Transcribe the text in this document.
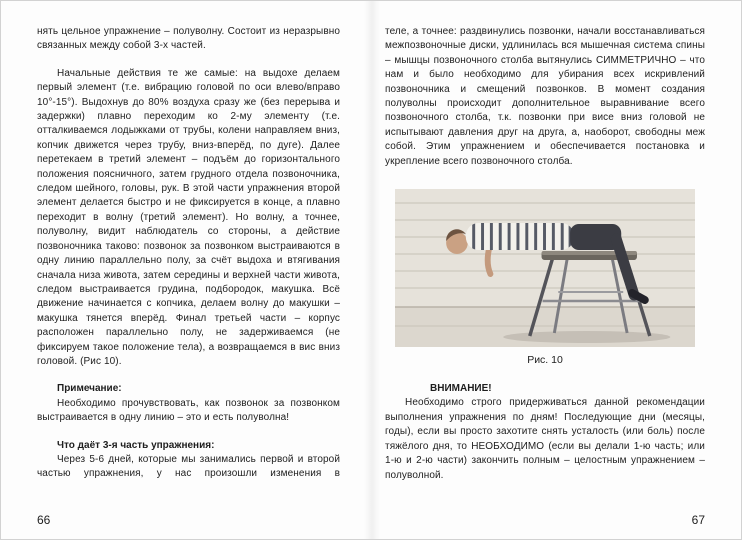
нять цельное упражнение – полуволну. Состоит из неразрывно связанных между собой 3-х частей.

Начальные действия те же самые: на выдохе делаем первый элемент (т.е. вибрацию головой по оси влево/вправо 10°-15°). Выдохнув до 80% воздуха сразу же (без перерыва и задержки) плавно переходим ко 2-му элементу (т.е. отталкиваемся лодыжками от трубы, колени направляем вниз, копчик движется через трубу, вниз-вперёд, по дуге). Далее перетекаем в третий элемент – подъём до горизонтального положения поясничного, затем грудного отдела позвоночника, следом шейного, головы, рук. В этой части упражнения второй элемент делается быстро и не фиксируется в конце, а плавно переходит в волну (третий элемент). Но волну, а точнее, полуволну, видит наблюдатель со стороны, а действие позвоночника таково: позвонок за позвонком выстраиваются в одну линию параллельно полу, за счёт выдоха и втягивания сначала низа живота, затем середины и верхней части живота, следом выстраивается грудина, подбородок, макушка. Всё движение начинается с копчика, делаем волну до макушки – макушка тянется вперёд. Финал третьей части – корпус расположен параллельно полу, не задерживаемся (не фиксируем такое положение тела), а возвращаемся в вис вниз головой. (Рис 10).

Примечание:

Необходимо прочувствовать, как позвонок за позвонком выстраивается в одну линию – это и есть полуволна!

Что даёт 3-я часть упражнения:

Через 5-6 дней, которые мы занимались первой и второй частью упражнения, у нас произошли изменения в

66

теле, а точнее: раздвинулись позвонки, начали восстанавливаться межпозвоночные диски, удлинилась вся мышечная система спины – мышцы позвоночного столба вытянулись СИММЕТРИЧНО – что нам и было необходимо для убирания всех искривлений позвоночника и смещений позвонков. В момент создания полуволны происходит дополнительное выравнивание всего позвоночного столба, т.к. позвонки при висе вниз головой не испытывают давления друг на друга, а, наоборот, свободны меж собой. Этим упражнением и обеспечивается постановка и укрепление всего позвоночного столба.

Рис. 10

ВНИМАНИЕ!

Необходимо строго придерживаться данной рекомендации выполнения упражнения по дням! Последующие дни (месяцы, годы), если вы просто захотите снять усталость (или боль) после тяжёлого дня, то НЕОБХОДИМО (если вы делали 1-ю часть; или 1-ю и 2-ю части) закончить полным – целостным упражнением – полуволной.

67
